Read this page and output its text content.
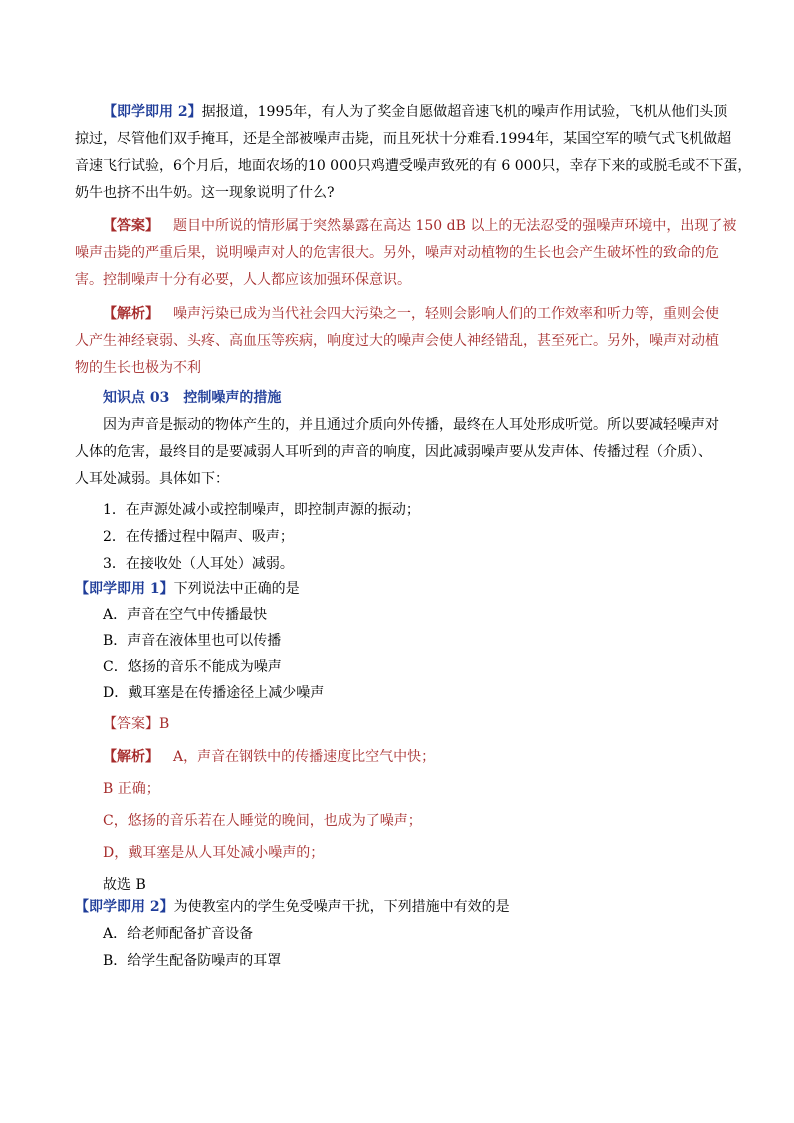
【即学即用 2】据报道，1995年，有人为了奖金自愿做超音速飞机的噪声作用试验，飞机从他们头顶
掠过，尽管他们双手掩耳，还是全部被噪声击毙，而且死状十分难看.1994年，某国空军的喷气式飞机做超
音速飞行试验，6个月后，地面农场的10 000只鸡遭受噪声致死的有 6 000只，幸存下来的或脱毛或不下蛋，
奶牛也挤不出牛奶。这一现象说明了什么?
【答案】 题目中所说的情形属于突然暴露在高达 150 dB 以上的无法忍受的强噪声环境中，出现了被
噪声击毙的严重后果，说明噪声对人的危害很大。另外，噪声对动植物的生长也会产生破坏性的致命的危
害。控制噪声十分有必要，人人都应该加强环保意识。
【解析】 噪声污染已成为当代社会四大污染之一，轻则会影响人们的工作效率和听力等，重则会使
人产生神经衰弱、头疼、高血压等疾病，响度过大的噪声会使人神经错乱，甚至死亡。另外，噪声对动植
物的生长也极为不利
知识点 03　控制噪声的措施
因为声音是振动的物体产生的，并且通过介质向外传播，最终在人耳处形成听觉。所以要减轻噪声对
人体的危害，最终目的是要减弱人耳听到的声音的响度，因此减弱噪声要从发声体、传播过程（介质）、
人耳处减弱。具体如下：
1．在声源处减小或控制噪声，即控制声源的振动；
2．在传播过程中隔声、吸声；
3．在接收处（人耳处）减弱。
【即学即用 1】下列说法中正确的是
A．声音在空气中传播最快
B．声音在液体里也可以传播
C．悠扬的音乐不能成为噪声
D．戴耳塞是在传播途径上减少噪声
【答案】B
【解析】 A，声音在钢铁中的传播速度比空气中快；
B 正确；
C，悠扬的音乐若在人睡觉的晚间，也成为了噪声；
D，戴耳塞是从人耳处减小噪声的；
故选 B
【即学即用 2】为使教室内的学生免受噪声干扰，下列措施中有效的是
A．给老师配备扩音设备
B．给学生配备防噪声的耳罩
